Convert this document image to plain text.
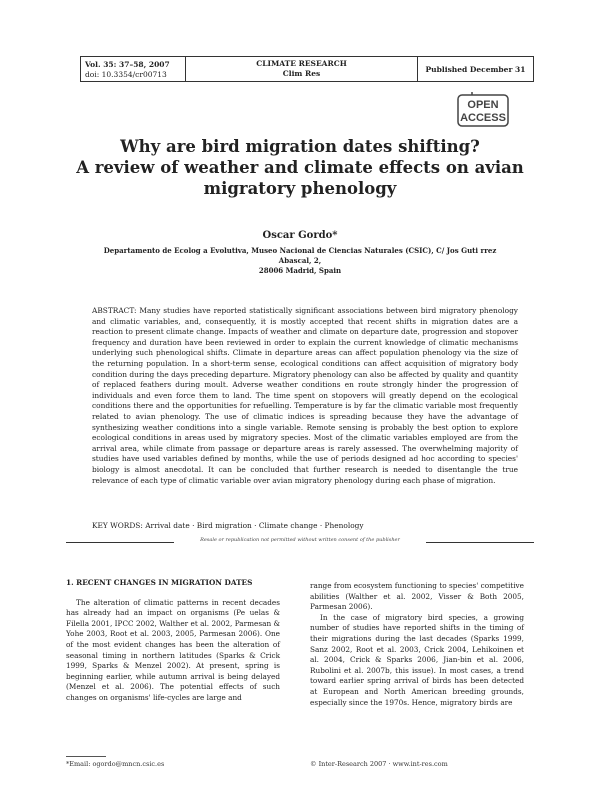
Vol. 35: 37–58, 2007
doi: 10.3354/cr00713
CLIMATE RESEARCH
Clim Res	Published December 31
OPEN
ACCESS
Why are bird migration dates shifting?
A review of weather and climate effects on avian
migratory phenology
Oscar Gordo*
Departamento de Ecolog a Evolutiva, Museo Nacional de Ciencias Naturales (CSIC), C/ Jos Guti rrez Abascal, 2,
28006 Madrid, Spain
ABSTRACT: Many studies have reported statistically significant associations between bird migratory phenology and climatic variables, and, consequently, it is mostly accepted that recent shifts in migration dates are a reaction to present climate change. Impacts of weather and climate on departure date, progression and stopover frequency and duration have been reviewed in order to explain the current knowledge of climatic mechanisms underlying such phenological shifts. Climate in departure areas can affect population phenology via the size of the returning population. In a short-term sense, ecological conditions can affect acquisition of migratory body condition during the days preceding departure. Migratory phenology can also be affected by quality and quantity of replaced feathers during moult. Adverse weather conditions en route strongly hinder the progression of individuals and even force them to land. The time spent on stopovers will greatly depend on the ecological conditions there and the opportunities for refuelling. Temperature is by far the climatic variable most frequently related to avian phenology. The use of climatic indices is spreading because they have the advantage of synthesizing weather conditions into a single variable. Remote sensing is probably the best option to explore ecological conditions in areas used by migratory species. Most of the climatic variables employed are from the arrival area, while climate from passage or departure areas is rarely assessed. The overwhelming majority of studies have used variables defined by months, while the use of periods designed ad hoc according to species' biology is almost anecdotal. It can be concluded that further research is needed to disentangle the true relevance of each type of climatic variable over avian migratory phenology during each phase of migration.
KEY WORDS: Arrival date · Bird migration · Climate change · Phenology
Resale or republication not permitted without written consent of the publisher
1. RECENT CHANGES IN MIGRATION DATES

The alteration of climatic patterns in recent decades has already had an impact on organisms (Pe uelas & Filella 2001, IPCC 2002, Walther et al. 2002, Parmesan & Yohe 2003, Root et al. 2003, 2005, Parmesan 2006). One of the most evident changes has been the alteration of seasonal timing in northern latitudes (Sparks & Crick 1999, Sparks & Menzel 2002). At present, spring is beginning earlier, while autumn arrival is being delayed (Menzel et al. 2006). The potential effects of such changes on organisms' life-cycles are large and

range from ecosystem functioning to species' competitive abilities (Walther et al. 2002, Visser & Both 2005, Parmesan 2006).

In the case of migratory bird species, a growing number of studies have reported shifts in the timing of their migrations during the last decades (Sparks 1999, Sanz 2002, Root et al. 2003, Crick 2004, Lehikoinen et al. 2004, Crick & Sparks 2006, Jian-bin et al. 2006, Rubolini et al. 2007b, this issue). In most cases, a trend toward earlier spring arrival of birds has been detected at European and North American breeding grounds, especially since the 1970s. Hence, migratory birds are

*Email: ogordo@mncn.csic.es	© Inter-Research 2007 · www.int-res.com
